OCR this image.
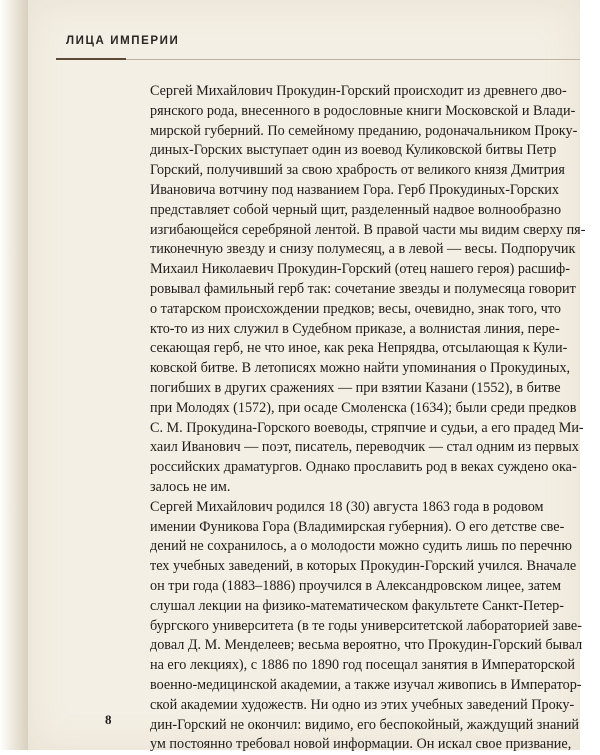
ЛИЦА ИМПЕРИИ

Сергей Михайлович Прокудин-Горский происходит из древнего дво-
рянского рода, внесенного в родословные книги Московской и Влади-
мирской губерний. По семейному преданию, родоначальником Проку-
диных-Горских выступает один из воевод Куликовской битвы Петр
Горский, получивший за свою храбрость от великого князя Дмитрия
Ивановича вотчину под названием Гора. Герб Прокудиных-Горских
представляет собой черный щит, разделенный надвое волнообразно
изгибающейся серебряной лентой. В правой части мы видим сверху пя-
тиконечную звезду и снизу полумесяц, а в левой — весы. Подпоручик
Михаил Николаевич Прокудин-Горский (отец нашего героя) расшиф-
ровывал фамильный герб так: сочетание звезды и полумесяца говорит
о татарском происхождении предков; весы, очевидно, знак того, что
кто-то из них служил в Судебном приказе, а волнистая линия, пере-
секающая герб, не что иное, как река Непрядва, отсылающая к Кули-
ковской битве. В летописях можно найти упоминания о Прокудиных,
погибших в других сражениях — при взятии Казани (1552), в битве
при Молодях (1572), при осаде Смоленска (1634); были среди предков
С. М. Прокудина-Горского воеводы, стряпчие и судьи, а его прадед Ми-
хаил Иванович — поэт, писатель, переводчик — стал одним из первых
российских драматургов. Однако прославить род в веках суждено ока-
залось не им.

Сергей Михайлович родился 18 (30) августа 1863 года в родовом
имении Фуникова Гора (Владимирская губерния). О его детстве све-
дений не сохранилось, а о молодости можно судить лишь по перечню
тех учебных заведений, в которых Прокудин-Горский учился. Вначале
он три года (1883–1886) проучился в Александровском лицее, затем
слушал лекции на физико-математическом факультете Санкт-Петер-
бургского университета (в те годы университетской лабораторией заве-
довал Д. М. Менделеев; весьма вероятно, что Прокудин-Горский бывал
на его лекциях), с 1886 по 1890 год посещал занятия в Императорской
военно-медицинской академии, а также изучал живопись в Император-
ской академии художеств. Ни одно из этих учебных заведений Проку-
дин-Горский не окончил: видимо, его беспокойный, жаждущий знаний
ум постоянно требовал новой информации. Он искал свое призвание,

8
